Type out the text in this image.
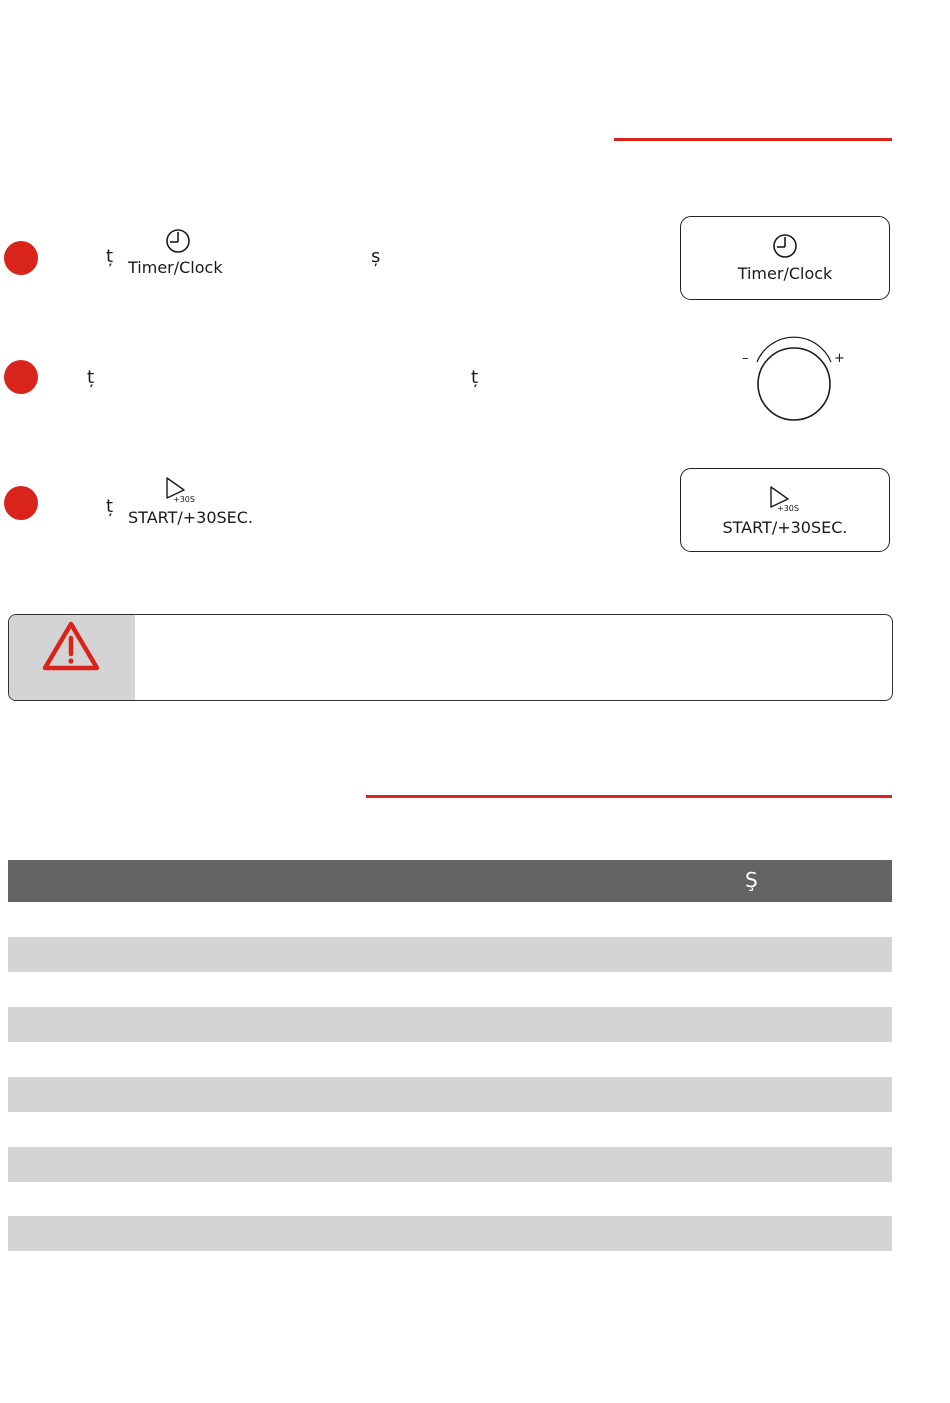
ț
Timer/Clock
ș
Timer/Clock
ț	ț
–	+
ț	+30S
START/+30SEC.	+30S
START/+30SEC.
Ş
